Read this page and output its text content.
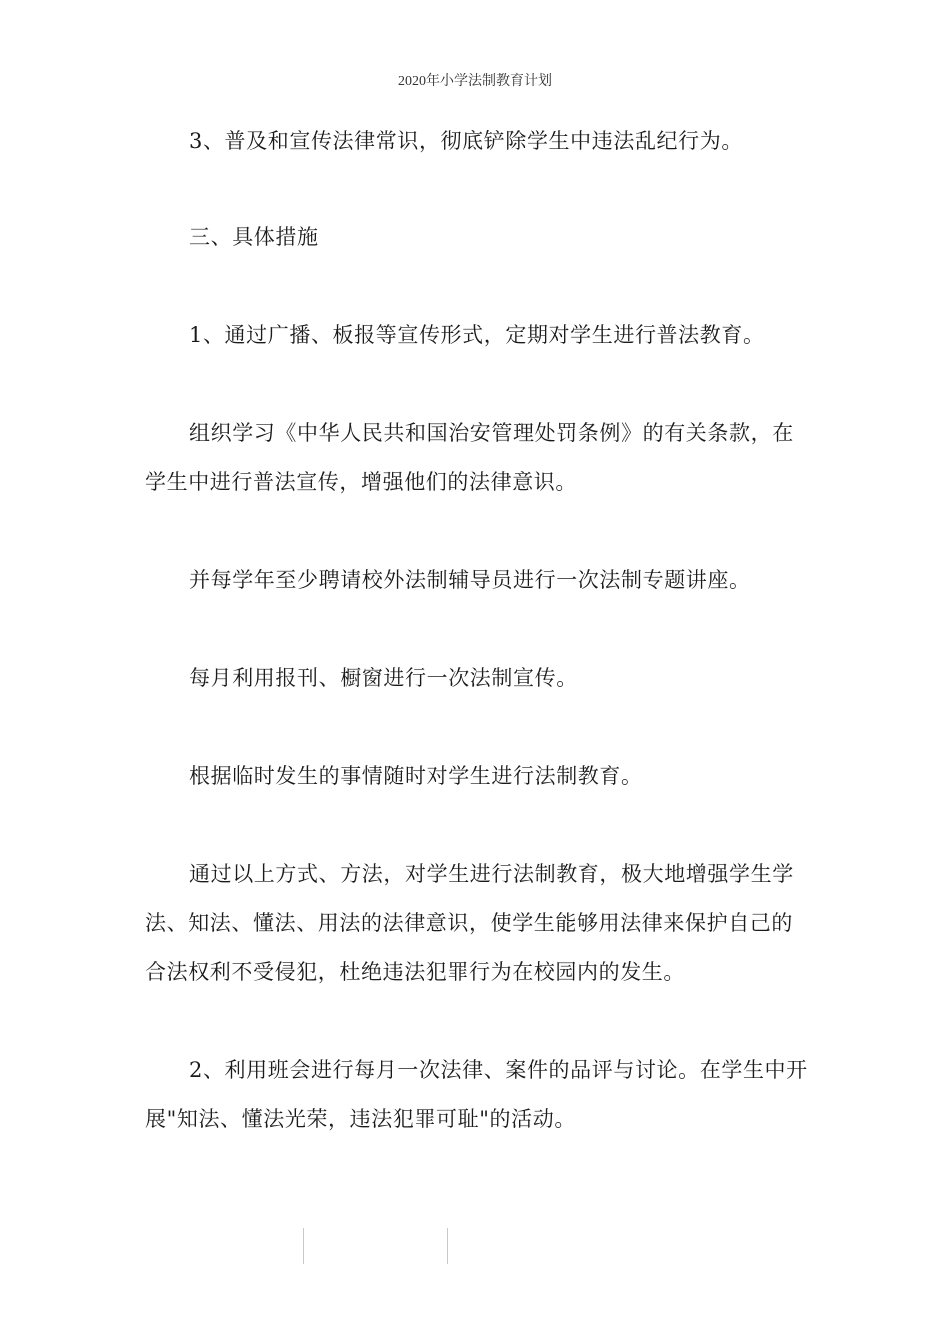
2020年小学法制教育计划

3、普及和宣传法律常识，彻底铲除学生中违法乱纪行为。

三、具体措施

1、通过广播、板报等宣传形式，定期对学生进行普法教育。

组织学习《中华人民共和国治安管理处罚条例》的有关条款，在学生中进行普法宣传，增强他们的法律意识。

并每学年至少聘请校外法制辅导员进行一次法制专题讲座。

每月利用报刊、橱窗进行一次法制宣传。

根据临时发生的事情随时对学生进行法制教育。

通过以上方式、方法，对学生进行法制教育，极大地增强学生学法、知法、懂法、用法的法律意识，使学生能够用法律来保护自己的合法权利不受侵犯，杜绝违法犯罪行为在校园内的发生。

2、利用班会进行每月一次法律、案件的品评与讨论。在学生中开展"知法、懂法光荣，违法犯罪可耻"的活动。
